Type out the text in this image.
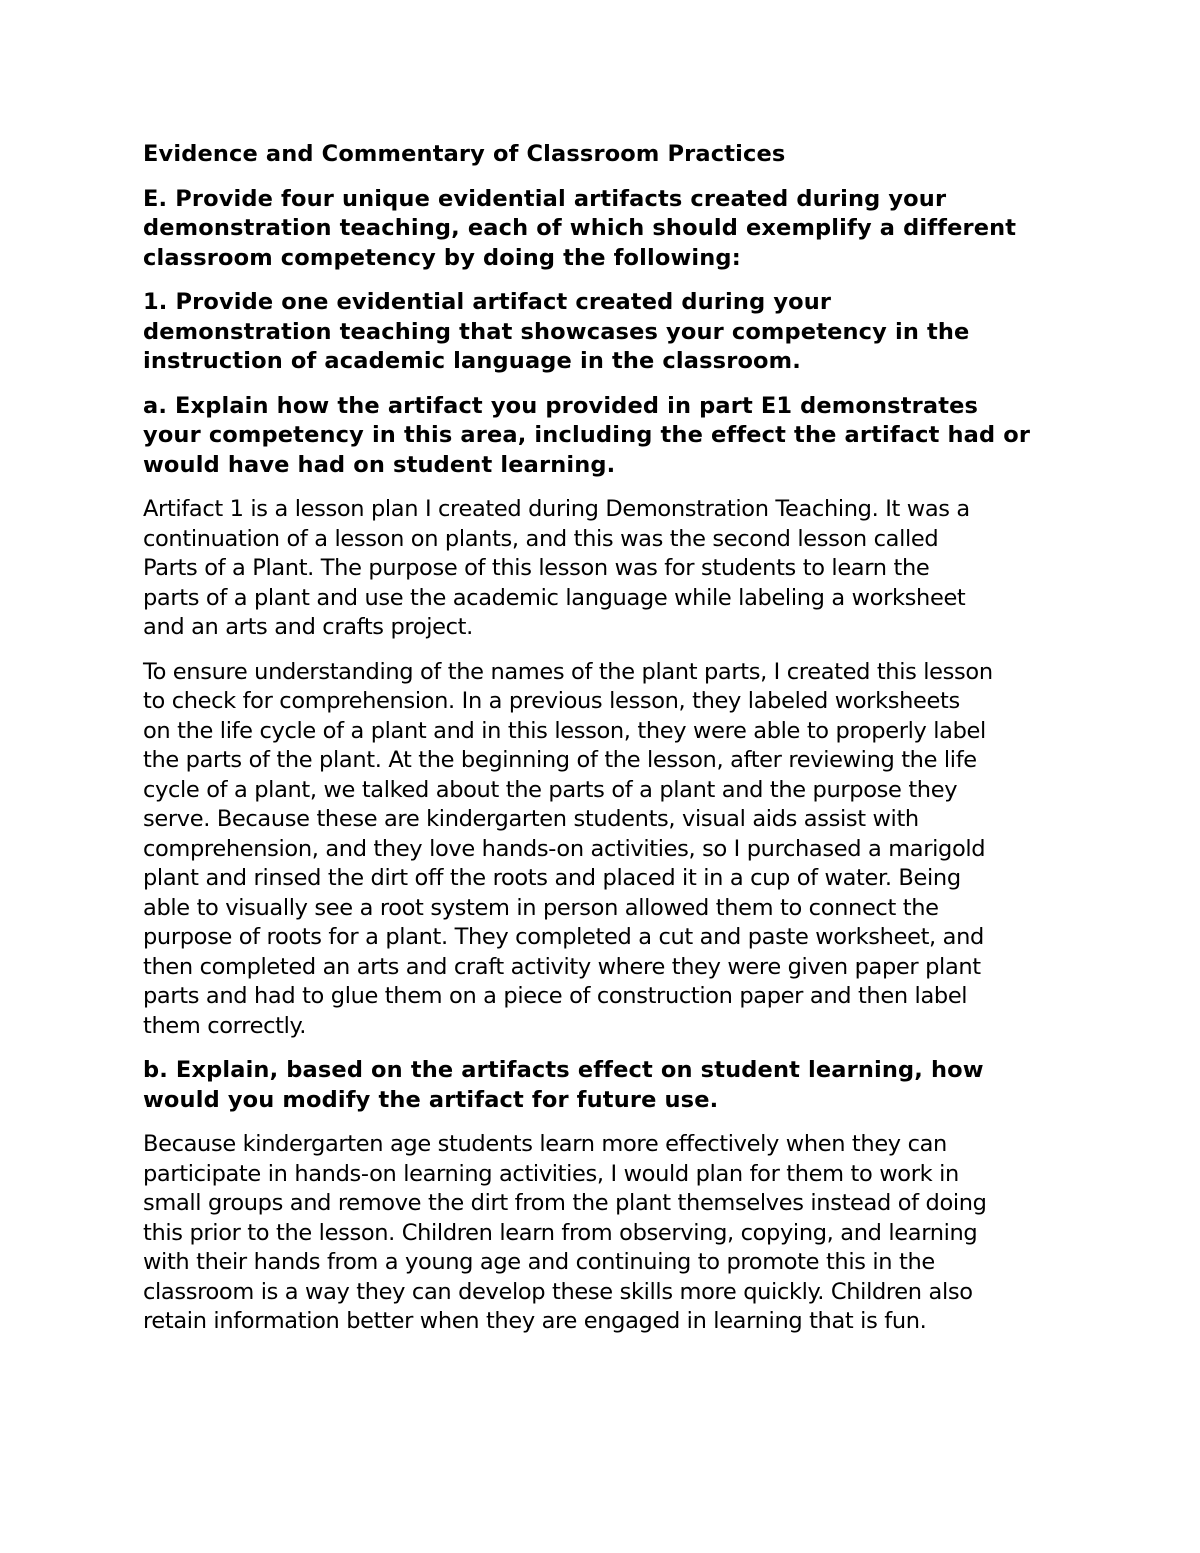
Evidence and Commentary of Classroom Practices

E. Provide four unique evidential artifacts created during your
demonstration teaching, each of which should exemplify a different
classroom competency by doing the following:

1. Provide one evidential artifact created during your
demonstration teaching that showcases your competency in the
instruction of academic language in the classroom.

a. Explain how the artifact you provided in part E1 demonstrates
your competency in this area, including the effect the artifact had or
would have had on student learning.

Artifact 1 is a lesson plan I created during Demonstration Teaching. It was a
continuation of a lesson on plants, and this was the second lesson called
Parts of a Plant. The purpose of this lesson was for students to learn the
parts of a plant and use the academic language while labeling a worksheet
and an arts and crafts project.

To ensure understanding of the names of the plant parts, I created this lesson
to check for comprehension. In a previous lesson, they labeled worksheets
on the life cycle of a plant and in this lesson, they were able to properly label
the parts of the plant. At the beginning of the lesson, after reviewing the life
cycle of a plant, we talked about the parts of a plant and the purpose they
serve. Because these are kindergarten students, visual aids assist with
comprehension, and they love hands-on activities, so I purchased a marigold
plant and rinsed the dirt off the roots and placed it in a cup of water. Being
able to visually see a root system in person allowed them to connect the
purpose of roots for a plant. They completed a cut and paste worksheet, and
then completed an arts and craft activity where they were given paper plant
parts and had to glue them on a piece of construction paper and then label
them correctly.

b. Explain, based on the artifacts effect on student learning, how
would you modify the artifact for future use.

Because kindergarten age students learn more effectively when they can
participate in hands-on learning activities, I would plan for them to work in
small groups and remove the dirt from the plant themselves instead of doing
this prior to the lesson. Children learn from observing, copying, and learning
with their hands from a young age and continuing to promote this in the
classroom is a way they can develop these skills more quickly. Children also
retain information better when they are engaged in learning that is fun.
